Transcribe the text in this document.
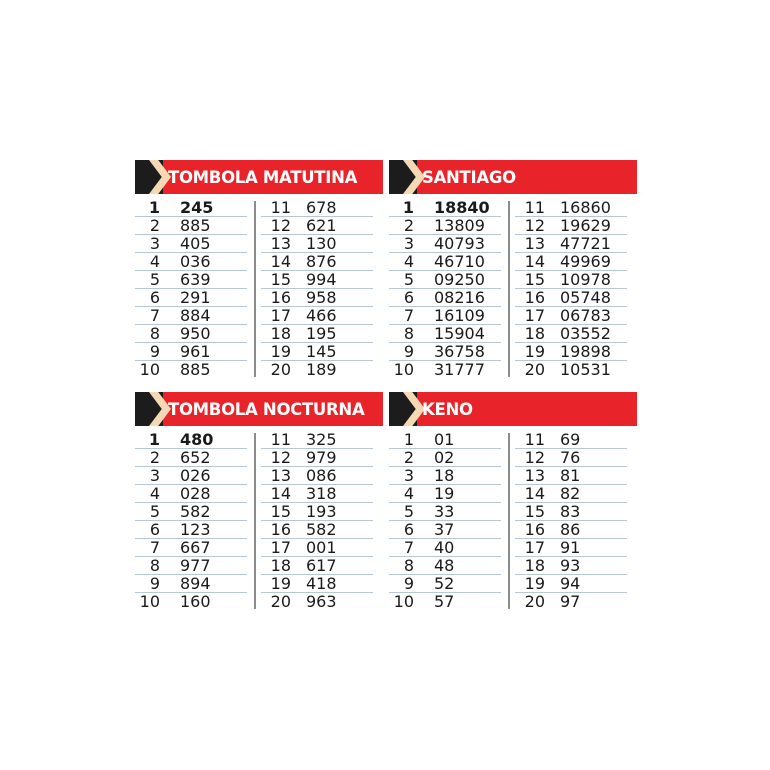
TOMBOLA MATUTINA
1 245
2 885
3 405
4 036
5 639
6 291
7 884
8 950
9 961
10 885
11 678
12 621
13 130
14 876
15 994
16 958
17 466
18 195
19 145
20 189
SANTIAGO
1 18840
2 13809
3 40793
4 46710
5 09250
6 08216
7 16109
8 15904
9 36758
10 31777
11 16860
12 19629
13 47721
14 49969
15 10978
16 05748
17 06783
18 03552
19 19898
20 10531
TOMBOLA NOCTURNA
1 480
2 652
3 026
4 028
5 582
6 123
7 667
8 977
9 894
10 160
11 325
12 979
13 086
14 318
15 193
16 582
17 001
18 617
19 418
20 963
KENO
1 01
2 02
3 18
4 19
5 33
6 37
7 40
8 48
9 52
10 57
11 69
12 76
13 81
14 82
15 83
16 86
17 91
18 93
19 94
20 97
